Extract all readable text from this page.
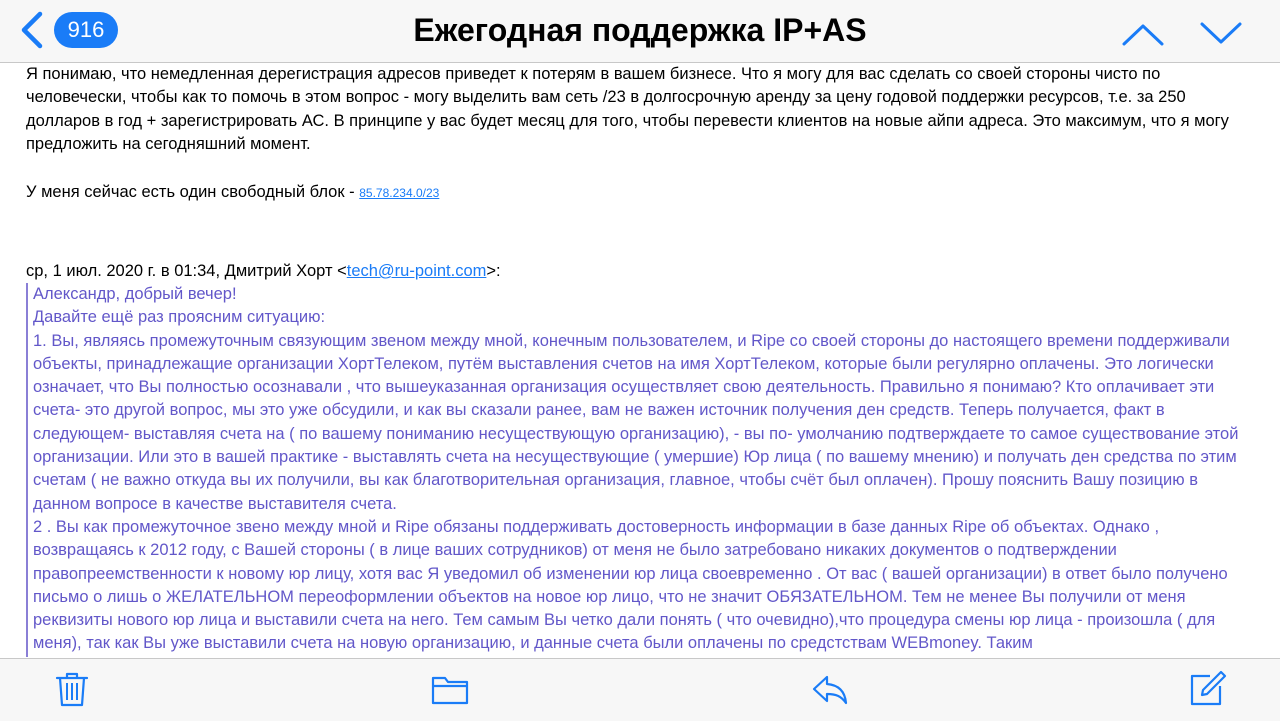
916	Ежегодная поддержка IP+AS

Я понимаю, что немедленная дерегистрация адресов приведет к потерям в вашем бизнесе. Что я могу для вас сделать со своей стороны чисто по человечески, чтобы как то помочь в этом вопрос - могу выделить вам сеть /23 в долгосрочную аренду за цену годовой поддержки ресурсов, т.е. за 250 долларов в год + зарегистрировать АС. В принципе у вас будет месяц для того, чтобы перевести клиентов на новые айпи адреса. Это максимум, что я могу предложить на сегодняшний момент.

У меня сейчас есть один свободный блок - 85.78.234.0/23
ср, 1 июл. 2020 г. в 01:34, Дмитрий Хорт <tech@ru-point.com>:

Александр, добрый вечер!

Давайте ещё раз проясним ситуацию:

1. Вы, являясь промежуточным связующим звеном между мной, конечным пользователем, и Ripe со своей стороны до настоящего времени поддерживали объекты, принадлежащие организации ХортТелеком, путём выставления счетов на имя ХортТелеком, которые были регулярно оплачены. Это логически означает, что Вы полностью осознавали , что вышеуказанная организация осуществляет свою деятельность. Правильно я понимаю? Кто оплачивает эти счета- это другой вопрос, мы это уже обсудили, и как вы сказали ранее, вам не важен источник получения ден средств. Теперь получается, факт в следующем- выставляя счета на ( по вашему пониманию несуществующую организацию), - вы по- умолчанию подтверждаете то самое существование этой организации. Или это в вашей практике - выставлять счета на несуществующие ( умершие) Юр лица ( по вашему мнению) и получать ден средства по этим счетам ( не важно откуда вы их получили, вы как благотворительная организация, главное, чтобы счёт был оплачен). Прошу пояснить Вашу позицию в данном вопросе в качестве выставителя счета.

2 . Вы как промежуточное звено между мной и Ripe обязаны поддерживать достоверность информации в базе данных Ripe об объектах. Однако , возвращаясь к 2012 году, с Вашей стороны ( в лице ваших сотрудников) от меня не было затребовано никаких документов о подтверждении правопреемственности к новому юр лицу, хотя вас Я уведомил об изменении юр лица своевременно . От вас ( вашей организации) в ответ было получено письмо о лишь о ЖЕЛАТЕЛЬНОМ переоформлении объектов на новое юр лицо, что не значит ОБЯЗАТЕЛЬНОМ. Тем не менее Вы получили от меня реквизиты нового юр лица и выставили счета на него. Тем самым Вы четко дали понять ( что очевидно),что процедура смены юр лица - произошла ( для меня), так как Вы уже выставили счета на новую организацию, и данные счета были оплачены по средстствам WEBmoney. Таким
